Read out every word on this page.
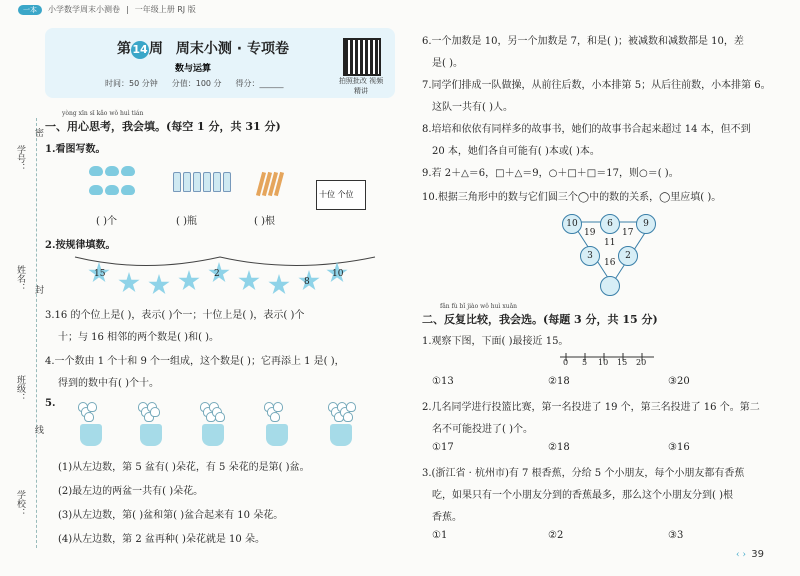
一本	小学数学周末小测卷 | 一年级上册 RJ 版
学号：
姓名：
班级：
学校：
密
封
线
第14周 周末小测 · 专项卷
数与运算
时间：50 分钟 分值：100 分 得分：______	拍照批改 视频精讲
yòng xīn sī kǎo wǒ huì tián
一、用心思考，我会填。(每空 1 分，共 31 分)
1.看图写数。

十位 个位
( )个	( )瓶	( )根
2.按规律填数。
15	2
8
10
3.16 的个位上是( )，表示( )个一；十位上是( )，表示( )个
十；与 16 相邻的两个数是( )和( )。
4.一个数由 1 个十和 9 个一组成，这个数是( )；它再添上 1 是( )，
得到的数中有( )个十。
5.
(1)从左边数，第 5 盆有( )朵花，有 5 朵花的是第( )盆。
(2)最左边的两盆一共有( )朵花。
(3)从左边数，第( )盆和第( )盆合起来有 10 朵花。
(4)从左边数，第 2 盆再种( )朵花就是 10 朵。
6.一个加数是 10，另一个加数是 7，和是( )；被减数和减数都是 10，差
是( )。
7.同学们排成一队做操，从前往后数，小本排第 5；从后往前数，小本排第 6。
这队一共有( )人。
8.培培和依依有同样多的故事书，她们的故事书合起来超过 14 本，但不到
20 本，她们各自可能有( )本或( )本。
9.若 2＋△＝6，□＋△＝9，○＋□＋□＝17，则○＝( )。
10.根据三角形中的数与它们圆三个◯中的数的关系，◯里应填( )。
10	6	9
19
11
17
3	2
16
fǎn fù bǐ jiào wǒ huì xuǎn
二、反复比较，我会选。(每题 3 分，共 15 分)
1.观察下图，下面( )最接近 15。
0 5 10 15 20
①13	②18	③20
2.几名同学进行投篮比赛，第一名投进了 19 个，第三名投进了 16 个。第二
名不可能投进了( )个。
①17	②18	③16
3.(浙江省 · 杭州市)有 7 根香蕉，分给 5 个小朋友，每个小朋友都有香蕉
吃，如果只有一个小朋友分到的香蕉最多，那么这个小朋友分到( )根
香蕉。
①1	②2	③3
‹ › 39
